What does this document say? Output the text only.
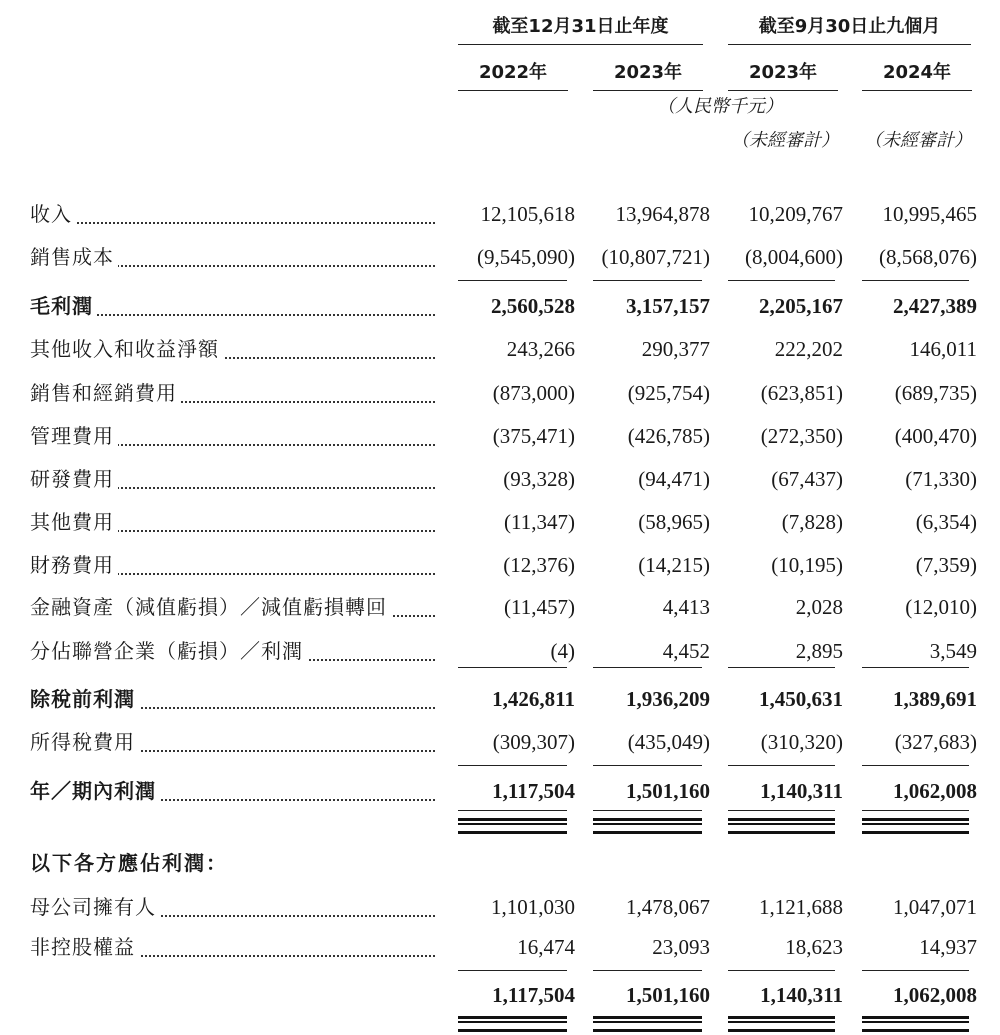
截至12月31日止年度	截至9月30日止九個月
2022年	2023年	2023年	2024年
（人民幣千元）
（未經審計）	（未經審計）
收入	12,105,618	13,964,878	10,209,767	10,995,465
銷售成本	(9,545,090)	(10,807,721)	(8,004,600)	(8,568,076)
毛利潤	2,560,528	3,157,157	2,205,167	2,427,389
其他收入和收益淨額	243,266	290,377	222,202	146,011
銷售和經銷費用	(873,000)	(925,754)	(623,851)	(689,735)
管理費用	(375,471)	(426,785)	(272,350)	(400,470)
研發費用	(93,328)	(94,471)	(67,437)	(71,330)
其他費用	(11,347)	(58,965)	(7,828)	(6,354)
財務費用	(12,376)	(14,215)	(10,195)	(7,359)
金融資產（減值虧損）／減值虧損轉回	(11,457)	4,413	2,028	(12,010)
分佔聯營企業（虧損）／利潤	(4)	4,452	2,895	3,549
除稅前利潤	1,426,811	1,936,209	1,450,631	1,389,691
所得稅費用	(309,307)	(435,049)	(310,320)	(327,683)
年／期內利潤	1,117,504	1,501,160	1,140,311	1,062,008
以下各方應佔利潤：
母公司擁有人	1,101,030	1,478,067	1,121,688	1,047,071
非控股權益	16,474	23,093	18,623	14,937
1,117,504	1,501,160	1,140,311	1,062,008
